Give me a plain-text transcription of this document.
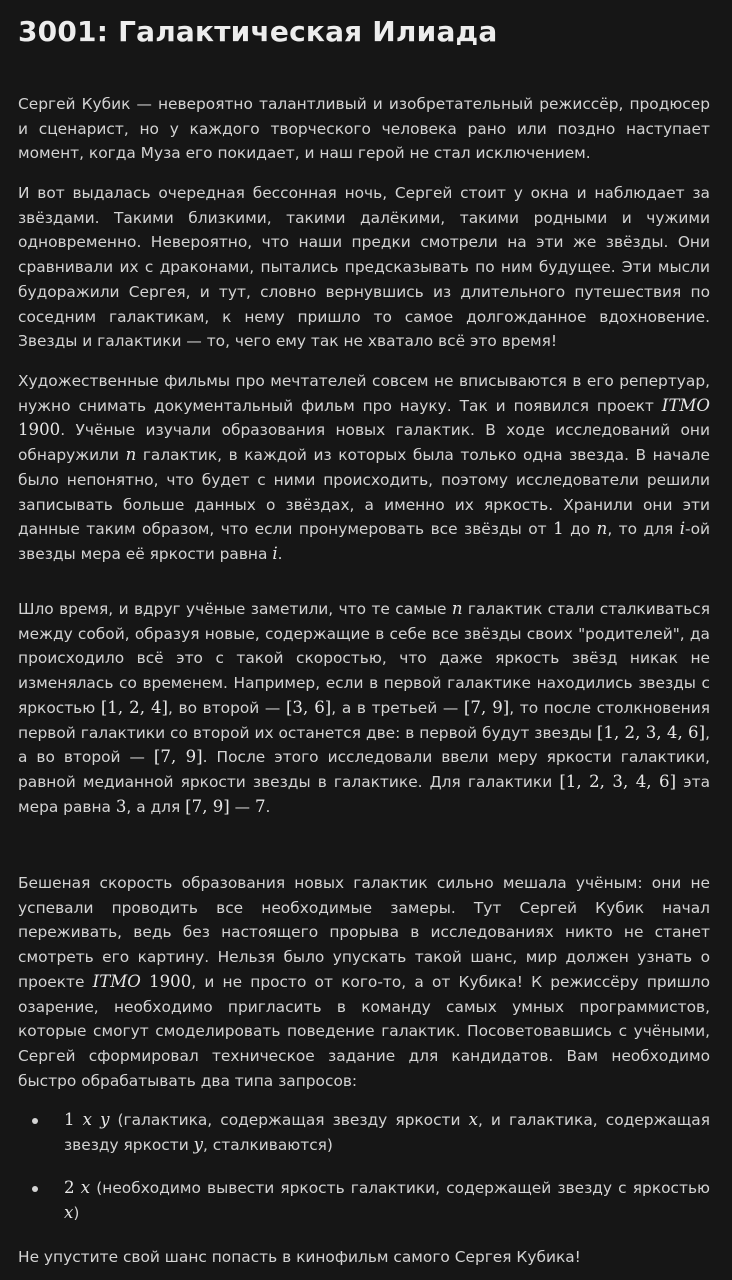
3001: Галактическая Илиада

Сергей Кубик — невероятно талантливый и изобретательный режиссёр, продюсер и сценарист, но у каждого творческого человека рано или поздно наступает момент, когда Муза его покидает, и наш герой не стал исключением.

И вот выдалась очередная бессонная ночь, Сергей стоит у окна и наблюдает за звёздами. Такими близкими, такими далёкими, такими родными и чужими одновременно. Невероятно, что наши предки смотрели на эти же звёзды. Они сравнивали их с драконами, пытались предсказывать по ним будущее. Эти мысли будоражили Сергея, и тут, словно вернувшись из длительного путешествия по соседним галактикам, к нему пришло то самое долгожданное вдохновение. Звезды и галактики — то, чего ему так не хватало всё это время!

Художественные фильмы про мечтателей совсем не вписываются в его репертуар, нужно снимать документальный фильм про науку. Так и появился проект ITMO 1900. Учёные изучали образования новых галактик. В ходе исследований они обнаружили n галактик, в каждой из которых была только одна звезда. В начале было непонятно, что будет с ними происходить, поэтому исследователи решили записывать больше данных о звёздах, а именно их яркость. Хранили они эти данные таким образом, что если пронумеровать все звёзды от 1 до n, то для i-ой звезды мера её яркости равна i.

Шло время, и вдруг учёные заметили, что те самые n галактик стали сталкиваться между собой, образуя новые, содержащие в себе все звёзды своих "родителей", да происходило всё это с такой скоростью, что даже яркость звёзд никак не изменялась со временем. Например, если в первой галактике находились звезды с яркостью [1, 2, 4], во второй — [3, 6], а в третьей — [7, 9], то после столкновения первой галактики со второй их останется две: в первой будут звезды [1, 2, 3, 4, 6], а во второй — [7, 9]. После этого исследовали ввели меру яркости галактики, равной медианной яркости звезды в галактике. Для галактики [1, 2, 3, 4, 6] эта мера равна 3, а для [7, 9] — 7.

Бешеная скорость образования новых галактик сильно мешала учёным: они не успевали проводить все необходимые замеры. Тут Сергей Кубик начал переживать, ведь без настоящего прорыва в исследованиях никто не станет смотреть его картину. Нельзя было упускать такой шанс, мир должен узнать о проекте ITMO 1900, и не просто от кого-то, а от Кубика! К режиссёру пришло озарение, необходимо пригласить в команду самых умных программистов, которые смогут смоделировать поведение галактик. Посоветовавшись с учёными, Сергей сформировал техническое задание для кандидатов. Вам необходимо быстро обрабатывать два типа запросов:

1 x y (галактика, содержащая звезду яркости x, и галактика, содержащая звезду яркости y, сталкиваются)
2 x (необходимо вывести яркость галактики, содержащей звезду с яркостью x)

Не упустите свой шанс попасть в кинофильм самого Сергея Кубика!
